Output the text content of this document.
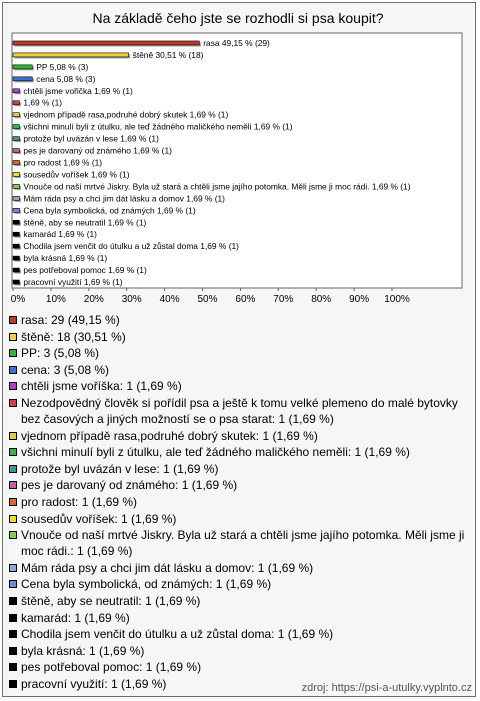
Na základě čeho jste se rozhodli si psa koupit?
rasa 49,15 % (29)
štěně 30,51 % (18)
PP 5,08 % (3)
cena 5,08 % (3)
chtěli jsme vořička 1,69 % (1)
1,69 % (1)
vjednom případě rasa,podruhé dobrý skutek 1,69 % (1)
všichni minulí byli z útulku, ale teď žádného maličkého neměli 1,69 % (1)
protože byl uvázán v lese 1,69 % (1)
pes je darovaný od známého 1,69 % (1)
pro radost 1,69 % (1)
sousedův voříšek 1,69 % (1)
Vnouče od naší mrtvé Jiskry. Byla už stará a chtěli jsme jajího potomka. Měli jsme ji moc rádi. 1,69 % (1)
Mám ráda psy a chci jim dát lásku a domov 1,69 % (1)
Cena byla symbolická, od známých 1,69 % (1)
štěně, aby se neutratil 1,69 % (1)
kamarád 1,69 % (1)
Chodila jsem venčit do útulku a už zůstal doma 1,69 % (1)
byla krásná 1,69 % (1)
pes potřeboval pomoc 1,69 % (1)
pracovní využití 1,69 % (1)
0% 10% 20% 30% 40% 50% 60% 70% 80% 90% 100%
rasa: 29 (49,15 %)
štěně: 18 (30,51 %)
PP: 3 (5,08 %)
cena: 3 (5,08 %)
chtěli jsme voříška: 1 (1,69 %)
Nezodpovědný člověk si pořídil psa a ještě k tomu velké plemeno do malé bytovky bez časových a jiných možností se o psa starat: 1 (1,69 %)
vjednom případě rasa,podruhé dobrý skutek: 1 (1,69 %)
všichni minulí byli z útulku, ale teď žádného maličkého neměli: 1 (1,69 %)
protože byl uvázán v lese: 1 (1,69 %)
pes je darovaný od známého: 1 (1,69 %)
pro radost: 1 (1,69 %)
sousedův voříšek: 1 (1,69 %)
Vnouče od naší mrtvé Jiskry. Byla už stará a chtěli jsme jajího potomka. Měli jsme ji moc rádi.: 1 (1,69 %)
Mám ráda psy a chci jim dát lásku a domov: 1 (1,69 %)
Cena byla symbolická, od známých: 1 (1,69 %)
štěně, aby se neutratil: 1 (1,69 %)
kamarád: 1 (1,69 %)
Chodila jsem venčit do útulku a už zůstal doma: 1 (1,69 %)
byla krásná: 1 (1,69 %)
pes potřeboval pomoc: 1 (1,69 %)
pracovní využití: 1 (1,69 %)	zdroj: https://psi-a-utulky.vyplnto.cz
